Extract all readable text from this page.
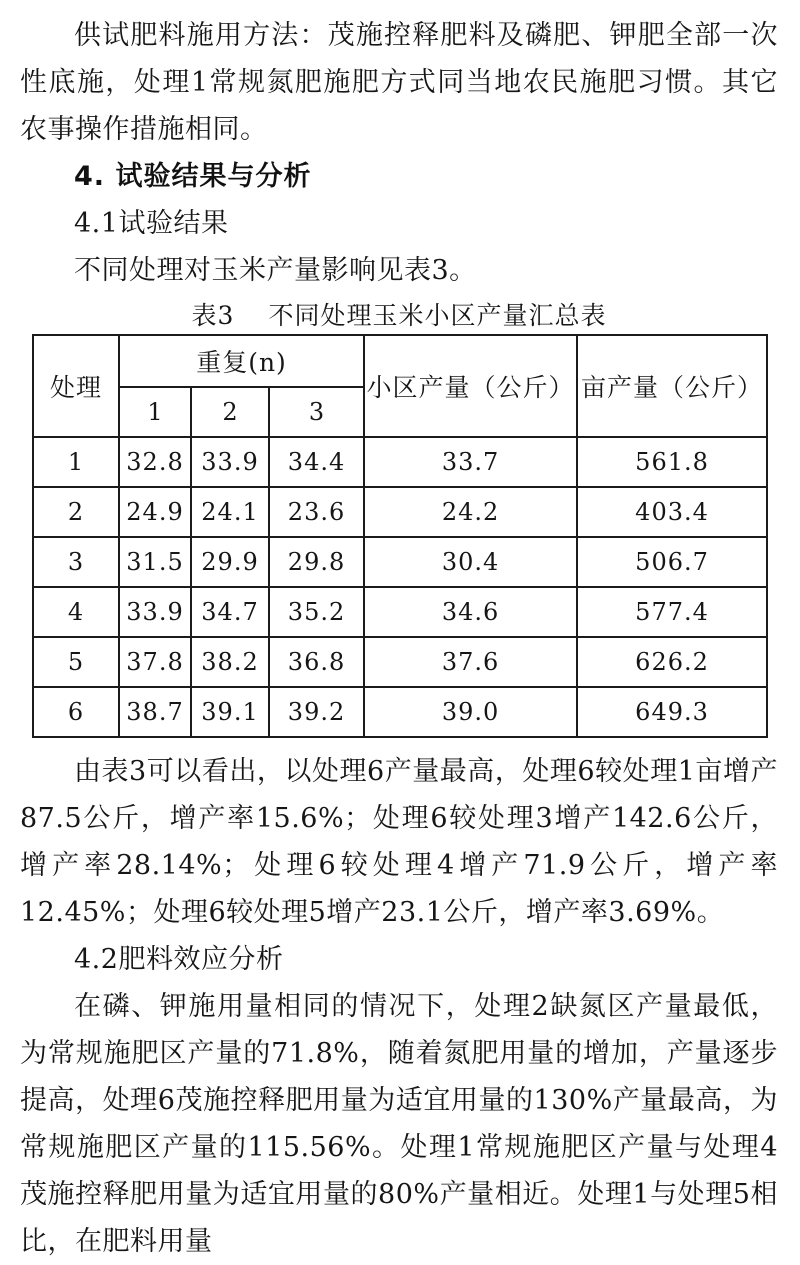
供试肥料施用方法：茂施控释肥料及磷肥、钾肥全部一次性底施，处理1常规氮肥施肥方式同当地农民施肥习惯。其它农事操作措施相同。

4. 试验结果与分析
4.1试验结果

不同处理对玉米产量影响见表3。

表3 不同处理玉米小区产量汇总表
处理	重复(n)			小区产量（公斤）	亩产量（公斤）
	1	2	3		
1	32.8	33.9	34.4	33.7	561.8
2	24.9	24.1	23.6	24.2	403.4
3	31.5	29.9	29.8	30.4	506.7
4	33.9	34.7	35.2	34.6	577.4
5	37.8	38.2	36.8	37.6	626.2
6	38.7	39.1	39.2	39.0	649.3

由表3可以看出，以处理6产量最高，处理6较处理1亩增产87.5公斤，增产率15.6%；处理6较处理3增产142.6公斤，增产率28.14%；处理6较处理4增产71.9公斤，增产率12.45%；处理6较处理5增产23.1公斤，增产率3.69%。

4.2肥料效应分析

在磷、钾施用量相同的情况下，处理2缺氮区产量最低，为常规施肥区产量的71.8%，随着氮肥用量的增加，产量逐步提高，处理6茂施控释肥用量为适宜用量的130%产量最高，为常规施肥区产量的115.56%。处理1常规施肥区产量与处理4茂施控释肥用量为适宜用量的80%产量相近。处理1与处理5相比，在肥料用量
